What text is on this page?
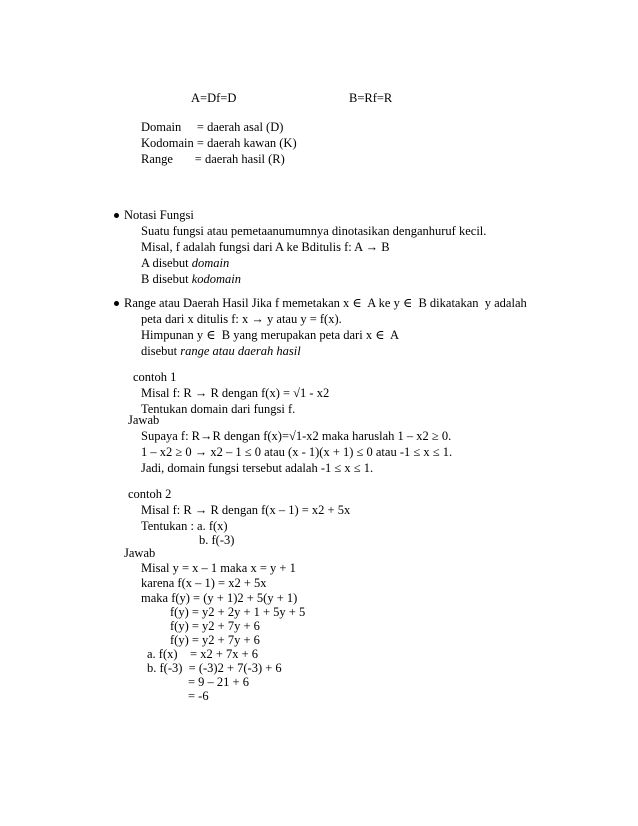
A=Df=D	B=Rf=R
Domain     = daerah asal (D)
Kodomain = daerah kawan (K)
Range       = daerah hasil (R)
Notasi Fungsi
Suatu fungsi atau pemetaanumumnya dinotasikan denganhuruf kecil.
Misal, f adalah fungsi dari A ke Bditulis f: A → B
A disebut domain
B disebut kodomain
Range atau Daerah Hasil Jika f memetakan x ∈  A ke y ∈  B dikatakan  y adalah
peta dari x ditulis f: x → y atau y = f(x).
Himpunan y ∈  B yang merupakan peta dari x ∈  A
disebut range atau daerah hasil
contoh 1
Misal f: R → R dengan f(x) = √1 - x2
Tentukan domain dari fungsi f.
Jawab
Supaya f: R→R dengan f(x)=√1-x2 maka haruslah 1 – x2 ≥ 0.
1 – x2 ≥ 0 → x2 – 1 ≤ 0 atau (x - 1)(x + 1) ≤ 0 atau -1 ≤ x ≤ 1.
Jadi, domain fungsi tersebut adalah -1 ≤ x ≤ 1.
contoh 2
Misal f: R → R dengan f(x – 1) = x2 + 5x
Tentukan : a. f(x)
b. f(-3)
Jawab
Misal y = x – 1 maka x = y + 1
karena f(x – 1) = x2 + 5x
maka f(y) = (y + 1)2 + 5(y + 1)
f(y) = y2 + 2y + 1 + 5y + 5
f(y) = y2 + 7y + 6
f(y) = y2 + 7y + 6
a. f(x)    = x2 + 7x + 6
b. f(-3)  = (-3)2 + 7(-3) + 6
= 9 – 21 + 6
= -6
